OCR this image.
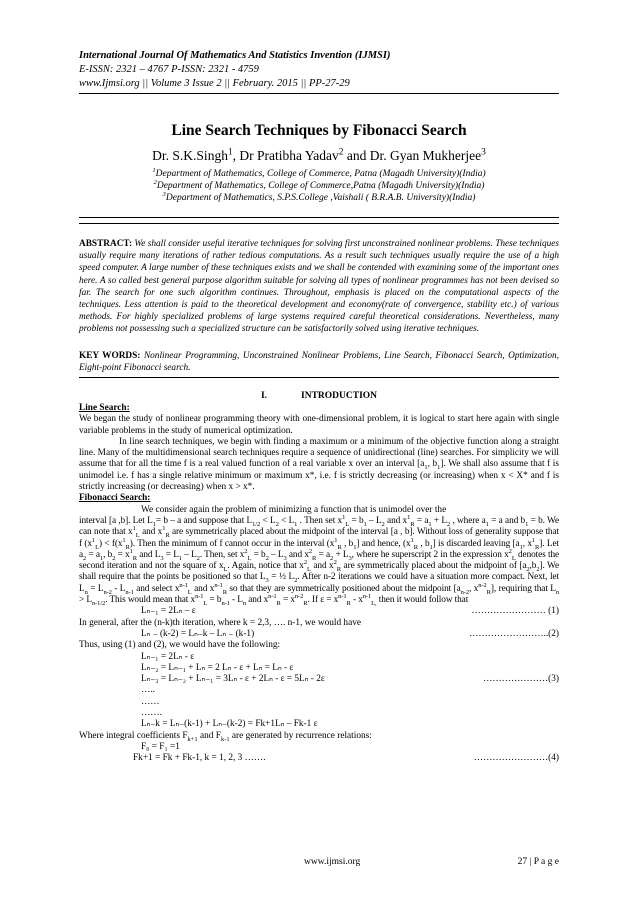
International Journal Of Mathematics And Statistics Invention (IJMSI)
E-ISSN: 2321 – 4767 P-ISSN: 2321 - 4759
www.Ijmsi.org || Volume 3 Issue 2 || February. 2015 || PP-27-29
Line Search Techniques by Fibonacci Search
Dr. S.K.Singh$^1$, Dr Pratibha Yadav$^2$ and Dr. Gyan Mukherjee$^3$
$^1$Department of Mathematics, College of Commerce, Patna (Magadh University)(India)
$^2$Department of Mathematics, College of Commerce,Patna (Magadh University)(India)
$^3$Department of Mathematics, S.P.S.College ,Vaishali ( B.R.A.B. University)(India)
ABSTRACT: We shall consider useful iterative techniques for solving first unconstrained nonlinear problems. These techniques usually require many iterations of rather tedious computations. As a result such techniques usually require the use of a high speed computer. A large number of these techniques exists and we shall be contended with examining some of the important ones here. A so called best general purpose algorithm suitable for solving all types of nonlinear programmes has not been devised so far. The search for one such algorithm continues. Throughout, emphasis is placed on the computational aspects of the techniques. Less attention is paid to the theoretical development and economy(rate of convergence, stability etc.) of various methods. For highly specialized problems of large systems required careful theoretical considerations. Nevertheless, many problems not possessing such a specialized structure can be satisfactorily solved using iterative techniques.
KEY WORDS: Nonlinear Programming, Unconstrained Nonlinear Problems, Line Search, Fibonacci Search, Optimization, Eight-point Fibonacci search.
I.	INTRODUCTION

Line Search:

We began the study of nonlinear programming theory with one-dimensional problem, it is logical to start here again with single variable problems in the study of numerical optimization.

In line search techniques, we begin with finding a maximum or a minimum of the objective function along a straight line. Many of the multidimensional search techniques require a sequence of unidirectional (line) searches. For simplicity we will assume that for all the time f is a real valued function of a real variable x over an interval [$a_1$, $b_1$]. We shall also assume that f is unimodel i.e. f has a single relative minimum or maximum x*, i.e. f is strictly decreasing (or increasing) when x < X* and f is strictly increasing (or decreasing) when x > x*.

Fibonacci Search:

We consider again the problem of minimizing a function that is unimodel over the

interval [a ,b]. Let $L_1= b - a$ and suppose that $L_{1/2} < L_2 < L_1$ . Then set $x^1_L = b_1 - L_2$ and $x^1_R = a_1 + L_2$ , where $a_1 = a$ and $b_1 = b$. We can note that $x^1_L$ and $x^1_R$ are symmetrically placed about the midpoint of the interval [a , b]. Without loss of generality suppose that f $(x^1_L) < f(x^1_R)$. Then the minimum of f cannot occur in the interval ($x^1_R$ , $b_1$] and hence, ($x^1_R$ , $b_1$] is discarded leaving [$a_1$, $x^1_R$]. Let $a_2 = a_1$, $b_2 = x^1_R$ and $L_3 = L_1 - L_2$. Then, set $x^2_L = b_2 - L_3$ and $x^2_R = a_2 + L_3$, where he superscript 2 in the expression $x^2_L$ denotes the second iteration and not the square of $x_L$. Again, notice that $x^2_L$ and $x^2_R$ are symmetrically placed about the midpoint of $[a_2,b_2]$. We shall require that the points be positioned so that $L_3$ = ½ $L_2$. After n-2 iterations we could have a situation more compact. Next, let $L_n = L_{n-2} - L_{n-1}$ and select $x^{n-1}_L$ and $x^{n-1}_R$ so that they are symmetrically positioned about the midpoint [$a_{n-2}$, $x^{n-2}_R$], requiring that $L_n > L_{n-1/2}$. This would mean that $x^{n-1}_L = b_{n-1} - L_n$ and $x^{n-1}_R = x^{n-2}_R$. If $\varepsilon = x^{n-1}_R - x^{n-1}_{L,}$ then it would follow that

Lₙ₋₁ = 2Lₙ – ε	…………………… (1)

In general, after the (n-k)th iteration, where k = 2,3, …. n-1, we would have

Lₙ ₋ (k-2) = Lₙ₋k – Lₙ ₋ (k-1)	……………………..(2)

Thus, using (1) and (2), we would have the following:

Lₙ₋₁ = 2Lₙ - ε
Lₙ₋₂ = Lₙ₋₁ + Lₙ = 2 Lₙ - ε + Lₙ = Lₙ - ε
Lₙ₋₃ = Lₙ₋₂ + Lₙ₋₁ = 3Lₙ - ε + 2Lₙ - ε = 5Lₙ - 2ε	…………………(3)
…..
……
…….
Lₙ₋k = Lₙ₋(k-1) + Lₙ₋(k-2) = Fk+1Lₙ – Fk-1 ε

Where integral coefficients $F_{k+1}$ and $F_{k-1}$ are generated by recurrence relations:

F₀ = F₁ =1
Fk+1 = Fk + Fk-1, k = 1, 2, 3 …….	……………………(4)
www.ijmsi.org	27 | P a g e
